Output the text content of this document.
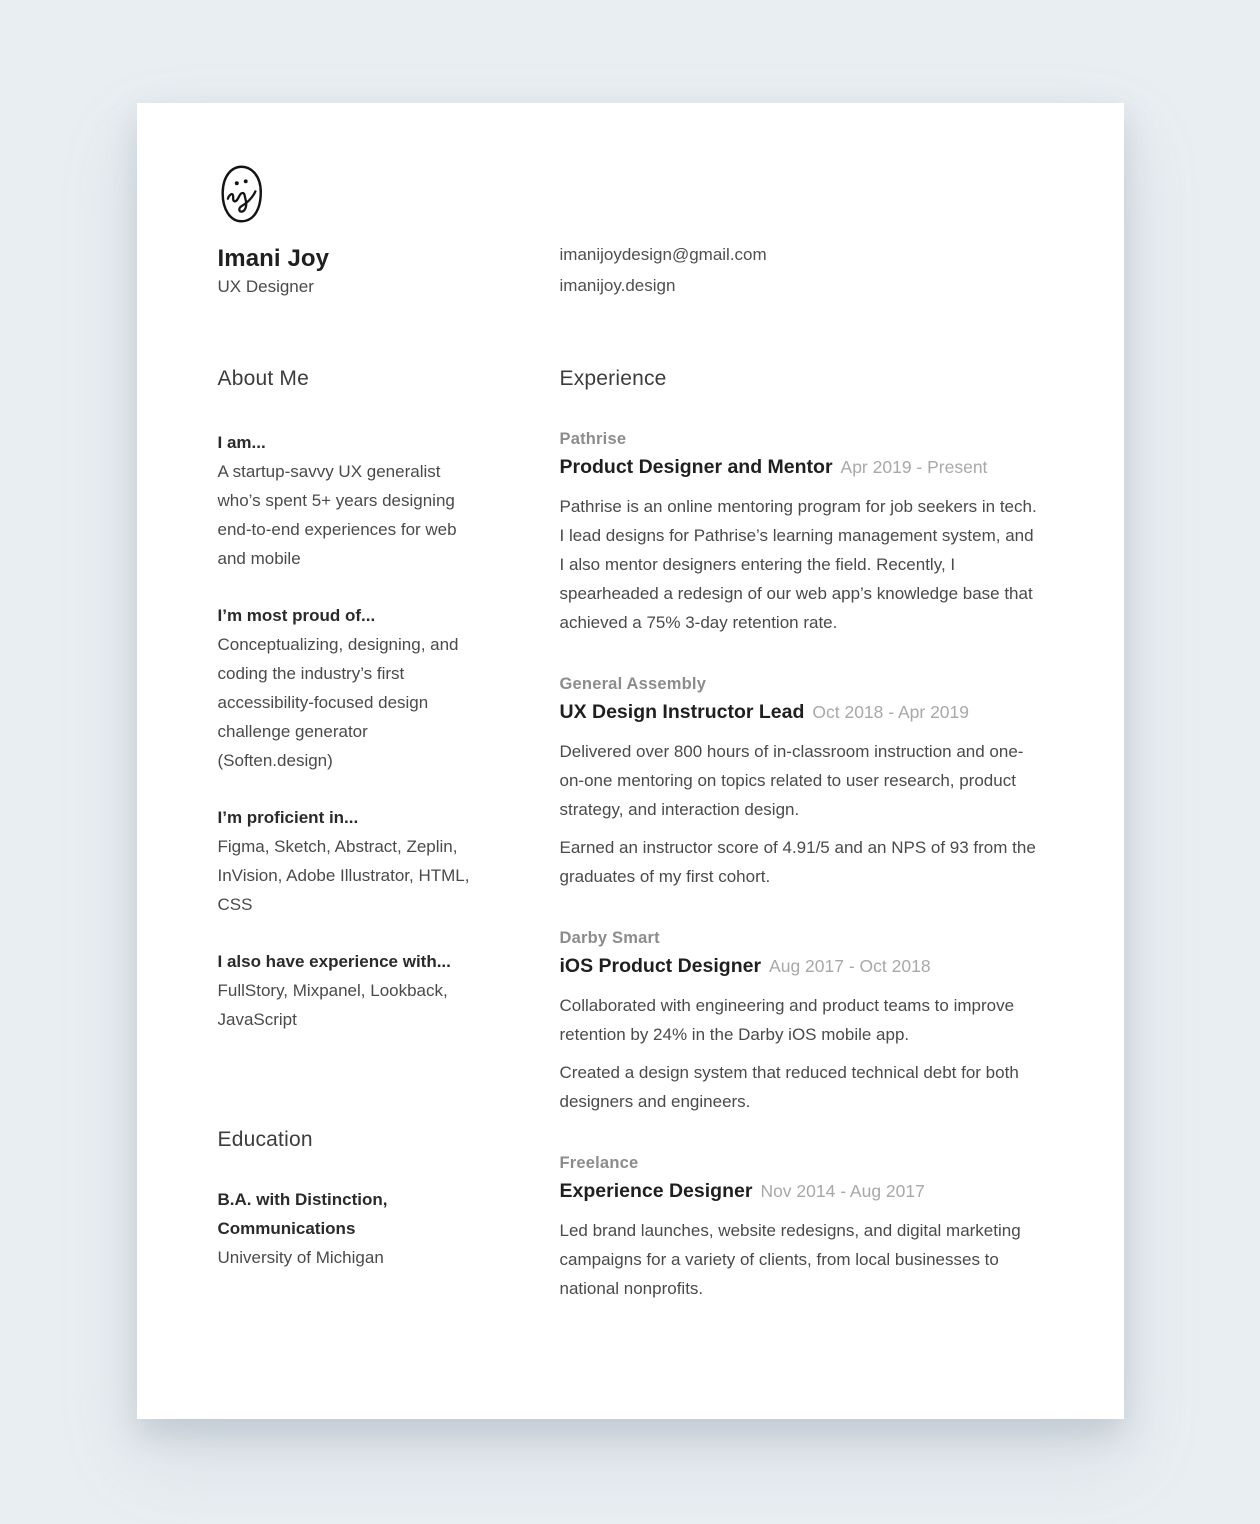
Imani Joy
UX Designer
imanijoydesign@gmail.com
imanijoy.design
About Me
I am...

A startup-savvy UX generalist who’s spent 5+ years designing end-to-end experiences for web and mobile

I’m most proud of...

Conceptualizing, designing, and coding the industry’s first accessibility-focused design challenge generator (Soften.design)

I’m proficient in...

Figma, Sketch, Abstract, Zeplin, InVision, Adobe Illustrator, HTML, CSS

I also have experience with...

FullStory, Mixpanel, Lookback, JavaScript

Education
B.A. with Distinction, Communications

University of Michigan

Experience
Pathrise
Product Designer and Mentor Apr 2019 - Present

Pathrise is an online mentoring program for job seekers in tech. I lead designs for Pathrise’s learning management system, and I also mentor designers entering the field. Recently, I spearheaded a redesign of our web app’s knowledge base that achieved a 75% 3-day retention rate.

General Assembly
UX Design Instructor Lead Oct 2018 - Apr 2019

Delivered over 800 hours of in-classroom instruction and one-on-one mentoring on topics related to user research, product strategy, and interaction design.

Earned an instructor score of 4.91/5 and an NPS of 93 from the graduates of my first cohort.

Darby Smart
iOS Product Designer Aug 2017 - Oct 2018

Collaborated with engineering and product teams to improve retention by 24% in the Darby iOS mobile app.

Created a design system that reduced technical debt for both designers and engineers.

Freelance
Experience Designer Nov 2014 - Aug 2017

Led brand launches, website redesigns, and digital marketing campaigns for a variety of clients, from local businesses to national nonprofits.
